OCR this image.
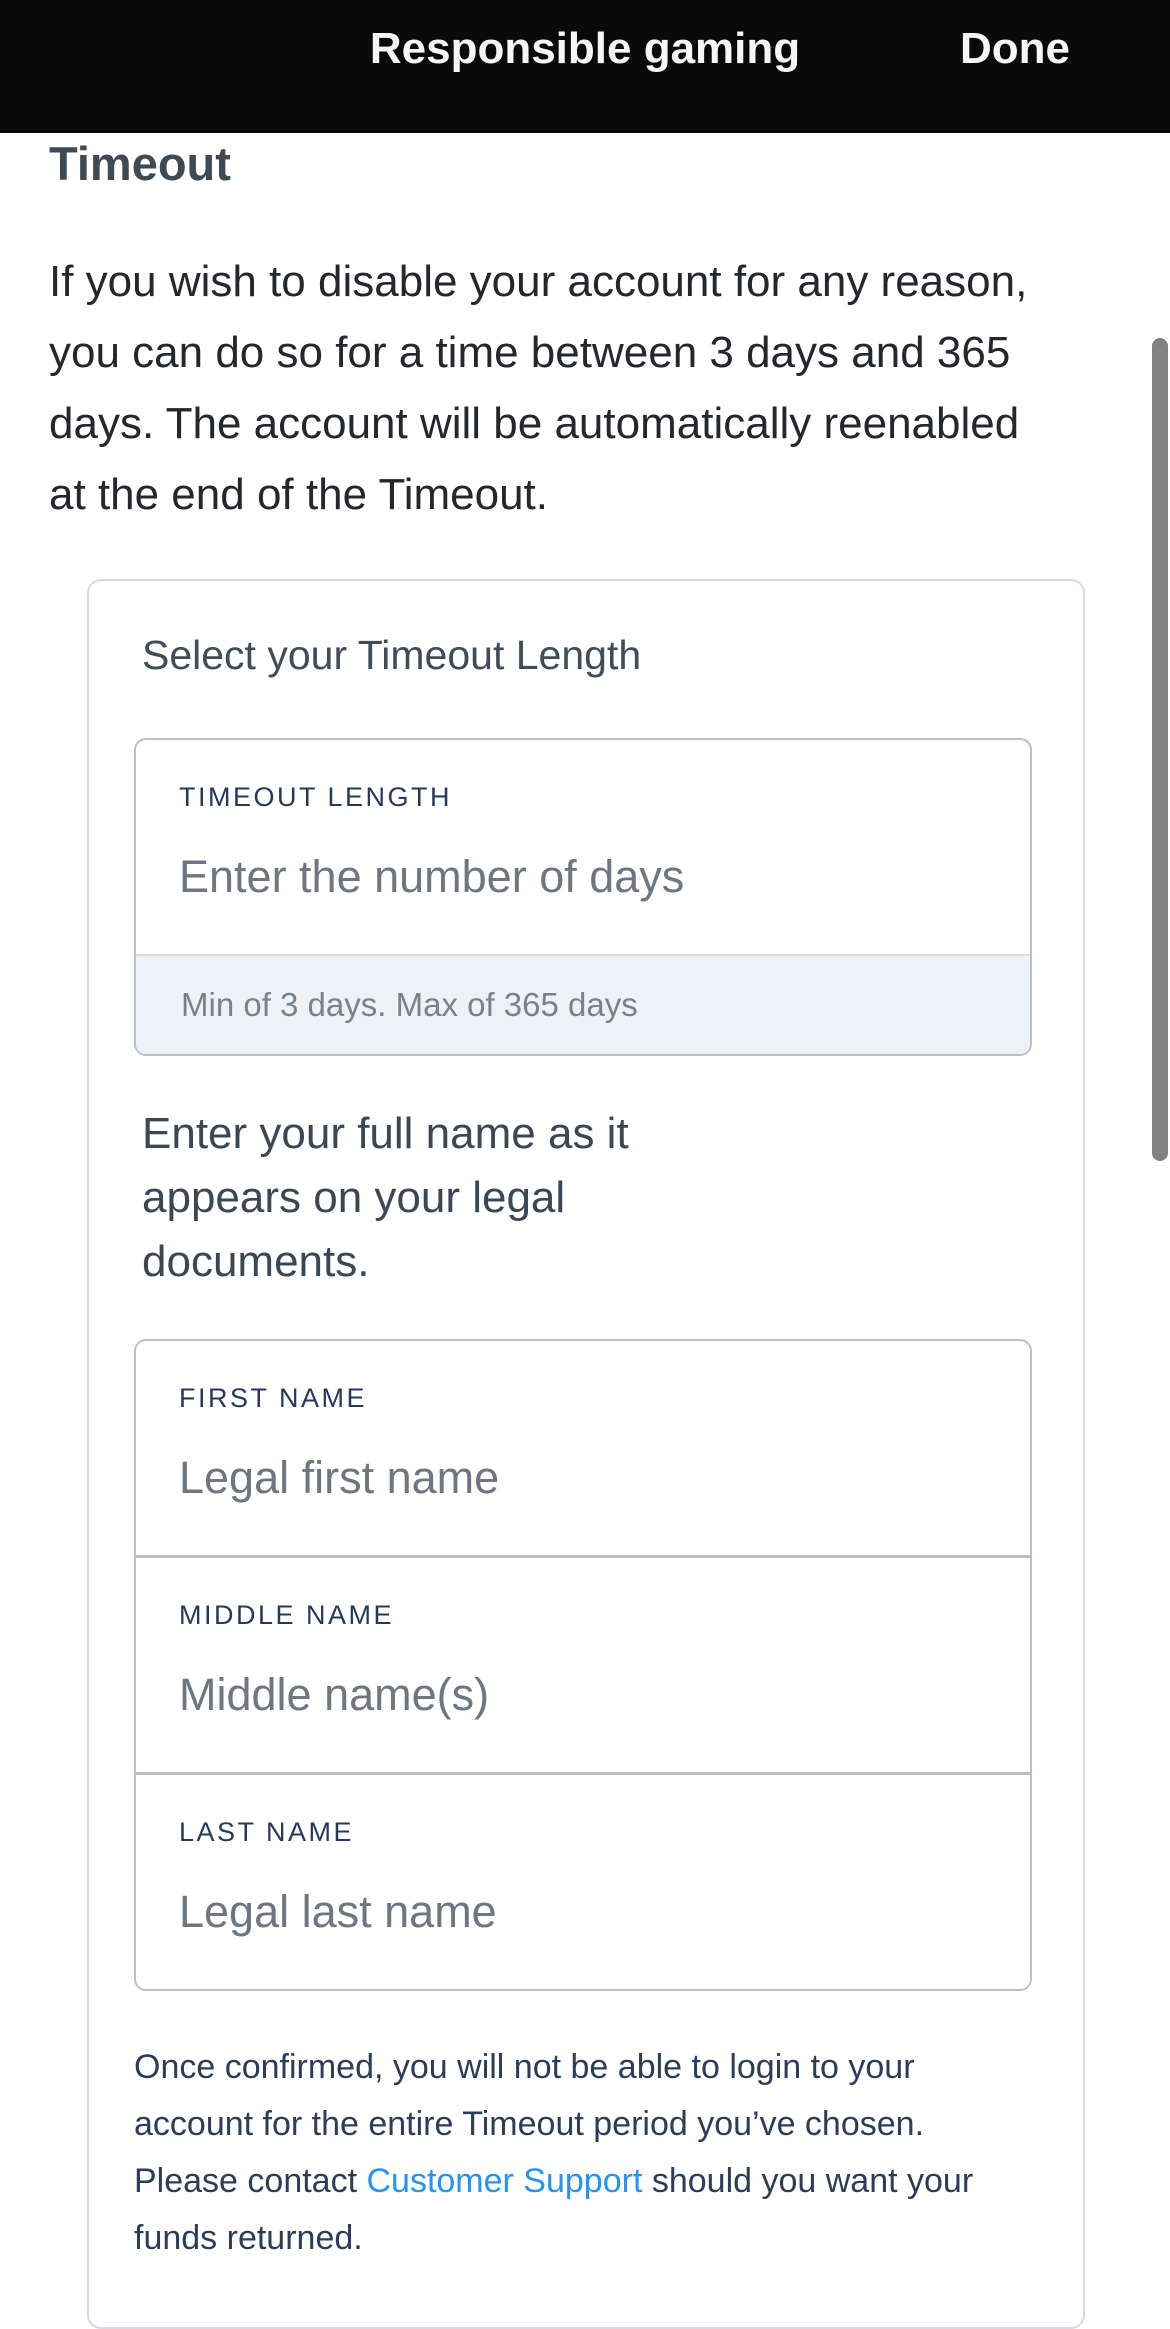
Responsible gaming	Done
Timeout
If you wish to disable your account for any reason,
you can do so for a time between 3 days and 365
days. The account will be automatically reenabled
at the end of the Timeout.
Select your Timeout Length
TIMEOUT LENGTH
Enter the number of days
Min of 3 days. Max of 365 days
Enter your full name as it
appears on your legal
documents.
FIRST NAME
Legal first name
MIDDLE NAME
Middle name(s)
LAST NAME
Legal last name
Once confirmed, you will not be able to login to your
account for the entire Timeout period you’ve chosen.
Please contact Customer Support should you want your
funds returned.
